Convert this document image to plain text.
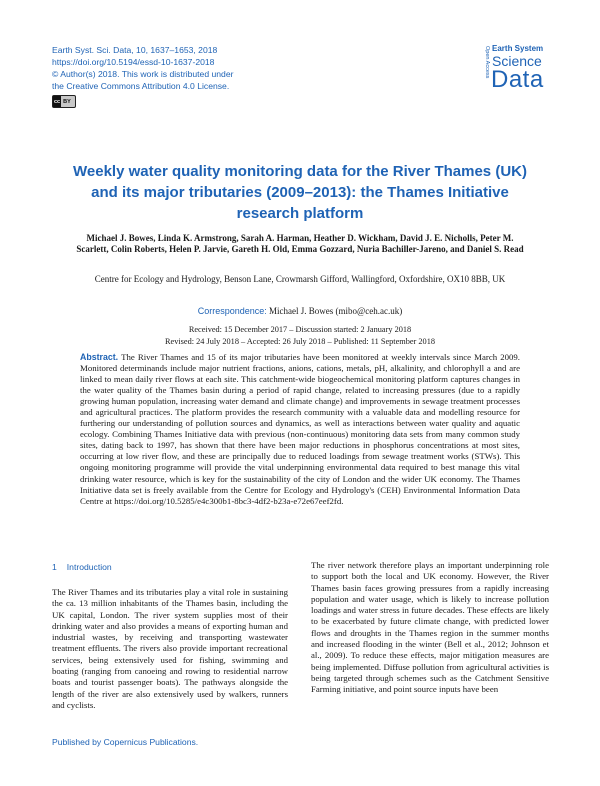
Earth Syst. Sci. Data, 10, 1637–1653, 2018
https://doi.org/10.5194/essd-10-1637-2018
© Author(s) 2018. This work is distributed under
the Creative Commons Attribution 4.0 License.
cc BY
Open Access Earth System
Science
Data
Weekly water quality monitoring data for the River Thames (UK) and its major tributaries (2009–2013): the Thames Initiative research platform
Michael J. Bowes, Linda K. Armstrong, Sarah A. Harman, Heather D. Wickham, David J. E. Nicholls, Peter M. Scarlett, Colin Roberts, Helen P. Jarvie, Gareth H. Old, Emma Gozzard, Nuria Bachiller-Jareno, and Daniel S. Read
Centre for Ecology and Hydrology, Benson Lane, Crowmarsh Gifford, Wallingford, Oxfordshire, OX10 8BB, UK
Correspondence: Michael J. Bowes (mibo@ceh.ac.uk)
Received: 15 December 2017 – Discussion started: 2 January 2018
Revised: 24 July 2018 – Accepted: 26 July 2018 – Published: 11 September 2018
Abstract. The River Thames and 15 of its major tributaries have been monitored at weekly intervals since March 2009. Monitored determinands include major nutrient fractions, anions, cations, metals, pH, alkalinity, and chlorophyll a and are linked to mean daily river flows at each site. This catchment-wide biogeochemical monitoring platform captures changes in the water quality of the Thames basin during a period of rapid change, related to increasing pressures (due to a rapidly growing human population, increasing water demand and climate change) and improvements in sewage treatment processes and agricultural practices. The platform provides the research community with a valuable data and modelling resource for furthering our understanding of pollution sources and dynamics, as well as interactions between water quality and aquatic ecology. Combining Thames Initiative data with previous (non-continuous) monitoring data sets from many common study sites, dating back to 1997, has shown that there have been major reductions in phosphorus concentrations at most sites, occurring at low river flow, and these are principally due to reduced loadings from sewage treatment works (STWs). This ongoing monitoring programme will provide the vital underpinning environmental data required to best manage this vital drinking water resource, which is key for the sustainability of the city of London and the wider UK economy. The Thames Initiative data set is freely available from the Centre for Ecology and Hydrology's (CEH) Environmental Information Data Centre at https://doi.org/10.5285/e4c300b1-8bc3-4df2-b23a-e72e67eef2fd.
1 Introduction
The River Thames and its tributaries play a vital role in sustaining the ca. 13 million inhabitants of the Thames basin, including the UK capital, London. The river system supplies most of their drinking water and also provides a means of exporting human and industrial wastes, by receiving and transporting wastewater treatment effluents. The rivers also provide important recreational services, being extensively used for fishing, swimming and boating (ranging from canoeing and rowing to residential narrow boats and tourist passenger boats). The pathways alongside the length of the river are also extensively used by walkers, runners and cyclists.
The river network therefore plays an important underpinning role to support both the local and UK economy. However, the River Thames basin faces growing pressures from a rapidly increasing population and water usage, which is likely to increase pollution loadings and water stress in future decades. These effects are likely to be exacerbated by future climate change, with predicted lower flows and droughts in the Thames region in the summer months and increased flooding in the winter (Bell et al., 2012; Johnson et al., 2009). To reduce these effects, major mitigation measures are being implemented. Diffuse pollution from agricultural activities is being targeted through schemes such as the Catchment Sensitive Farming initiative, and point source inputs have been
Published by Copernicus Publications.
